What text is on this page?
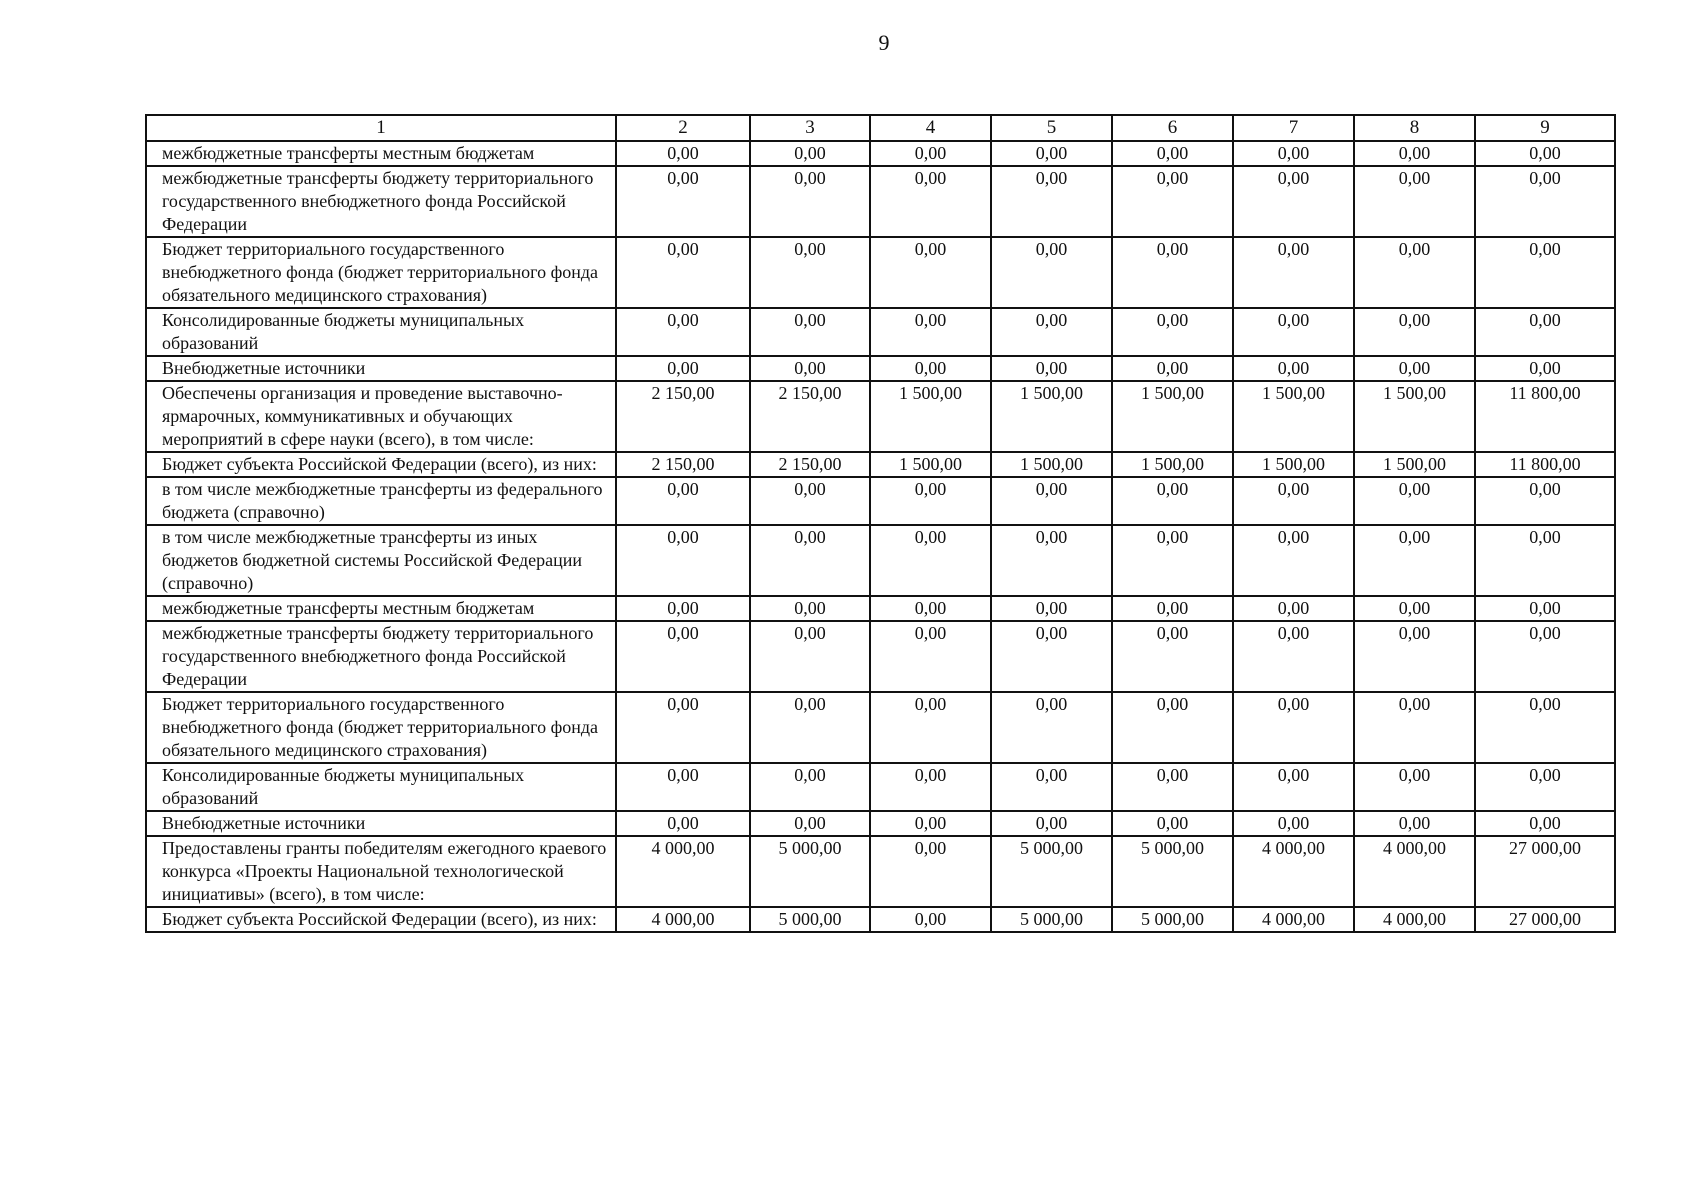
9
1	2	3	4	5	6	7	8	9
межбюджетные трансферты местным бюджетам	0,00	0,00	0,00	0,00	0,00	0,00	0,00	0,00
межбюджетные трансферты бюджету территориального государственного внебюджетного фонда Российской Федерации	0,00	0,00	0,00	0,00	0,00	0,00	0,00	0,00
Бюджет территориального государственного внебюджетного фонда (бюджет территориального фонда обязательного медицинского страхования)	0,00	0,00	0,00	0,00	0,00	0,00	0,00	0,00
Консолидированные бюджеты муниципальных образований	0,00	0,00	0,00	0,00	0,00	0,00	0,00	0,00
Внебюджетные источники	0,00	0,00	0,00	0,00	0,00	0,00	0,00	0,00
Обеспечены организация и проведение выставочно-ярмарочных, коммуникативных и обучающих мероприятий в сфере науки (всего), в том числе:	2 150,00	2 150,00	1 500,00	1 500,00	1 500,00	1 500,00	1 500,00	11 800,00
Бюджет субъекта Российской Федерации (всего), из них:	2 150,00	2 150,00	1 500,00	1 500,00	1 500,00	1 500,00	1 500,00	11 800,00
в том числе межбюджетные трансферты из федерального бюджета (справочно)	0,00	0,00	0,00	0,00	0,00	0,00	0,00	0,00
в том числе межбюджетные трансферты из иных бюджетов бюджетной системы Российской Федерации (справочно)	0,00	0,00	0,00	0,00	0,00	0,00	0,00	0,00
межбюджетные трансферты местным бюджетам	0,00	0,00	0,00	0,00	0,00	0,00	0,00	0,00
межбюджетные трансферты бюджету территориального государственного внебюджетного фонда Российской Федерации	0,00	0,00	0,00	0,00	0,00	0,00	0,00	0,00
Бюджет территориального государственного внебюджетного фонда (бюджет территориального фонда обязательного медицинского страхования)	0,00	0,00	0,00	0,00	0,00	0,00	0,00	0,00
Консолидированные бюджеты муниципальных образований	0,00	0,00	0,00	0,00	0,00	0,00	0,00	0,00
Внебюджетные источники	0,00	0,00	0,00	0,00	0,00	0,00	0,00	0,00
Предоставлены гранты победителям ежегодного краевого конкурса «Проекты Национальной технологической инициативы» (всего), в том числе:	4 000,00	5 000,00	0,00	5 000,00	5 000,00	4 000,00	4 000,00	27 000,00
Бюджет субъекта Российской Федерации (всего), из них:	4 000,00	5 000,00	0,00	5 000,00	5 000,00	4 000,00	4 000,00	27 000,00
